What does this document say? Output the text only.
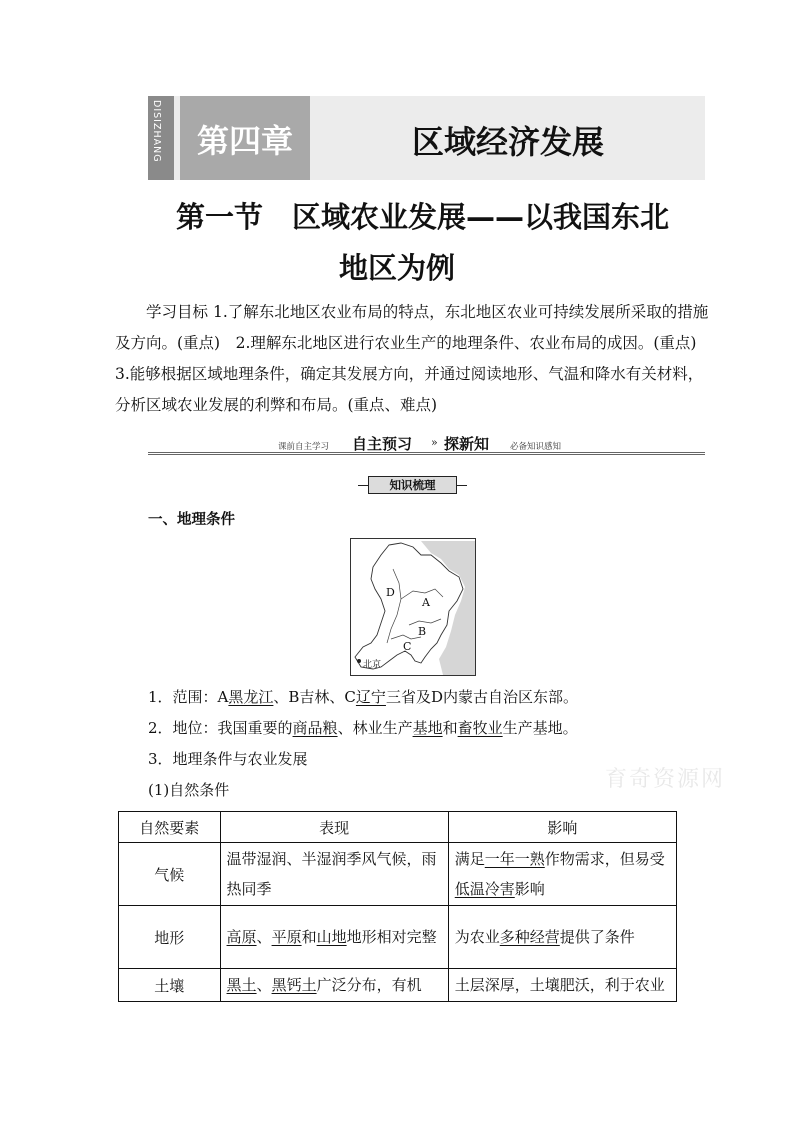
DISIZHANG	第四章	区域经济发展
第一节　区域农业发展——以我国东北
地区为例

学习目标 1.了解东北地区农业布局的特点，东北地区农业可持续发展所采取的措施及方向。(重点)　2.理解东北地区进行农业生产的地理条件、农业布局的成因。(重点)　3.能够根据区域地理条件，确定其发展方向，并通过阅读地形、气温和降水有关材料，分析区域农业发展的利弊和布局。(重点、难点)

课前自主学习 自主预习 » 探新知 必备知识感知
知识梳理
一、地理条件
A
B
C
D
北京
1．范围：A黑龙江、B吉林、C辽宁三省及D内蒙古自治区东部。
2．地位：我国重要的商品粮、林业生产基地和畜牧业生产基地。
3．地理条件与农业发展
(1)自然条件	育奇资源网
自然要素	表现	影响
气候	温带湿润、半湿润季风气候，雨热同季	满足一年一熟作物需求，但易受低温冷害影响
地形	高原、平原和山地地形相对完整	为农业多种经营提供了条件
土壤	黑土、黑钙土广泛分布，有机	土层深厚，土壤肥沃，利于农业
